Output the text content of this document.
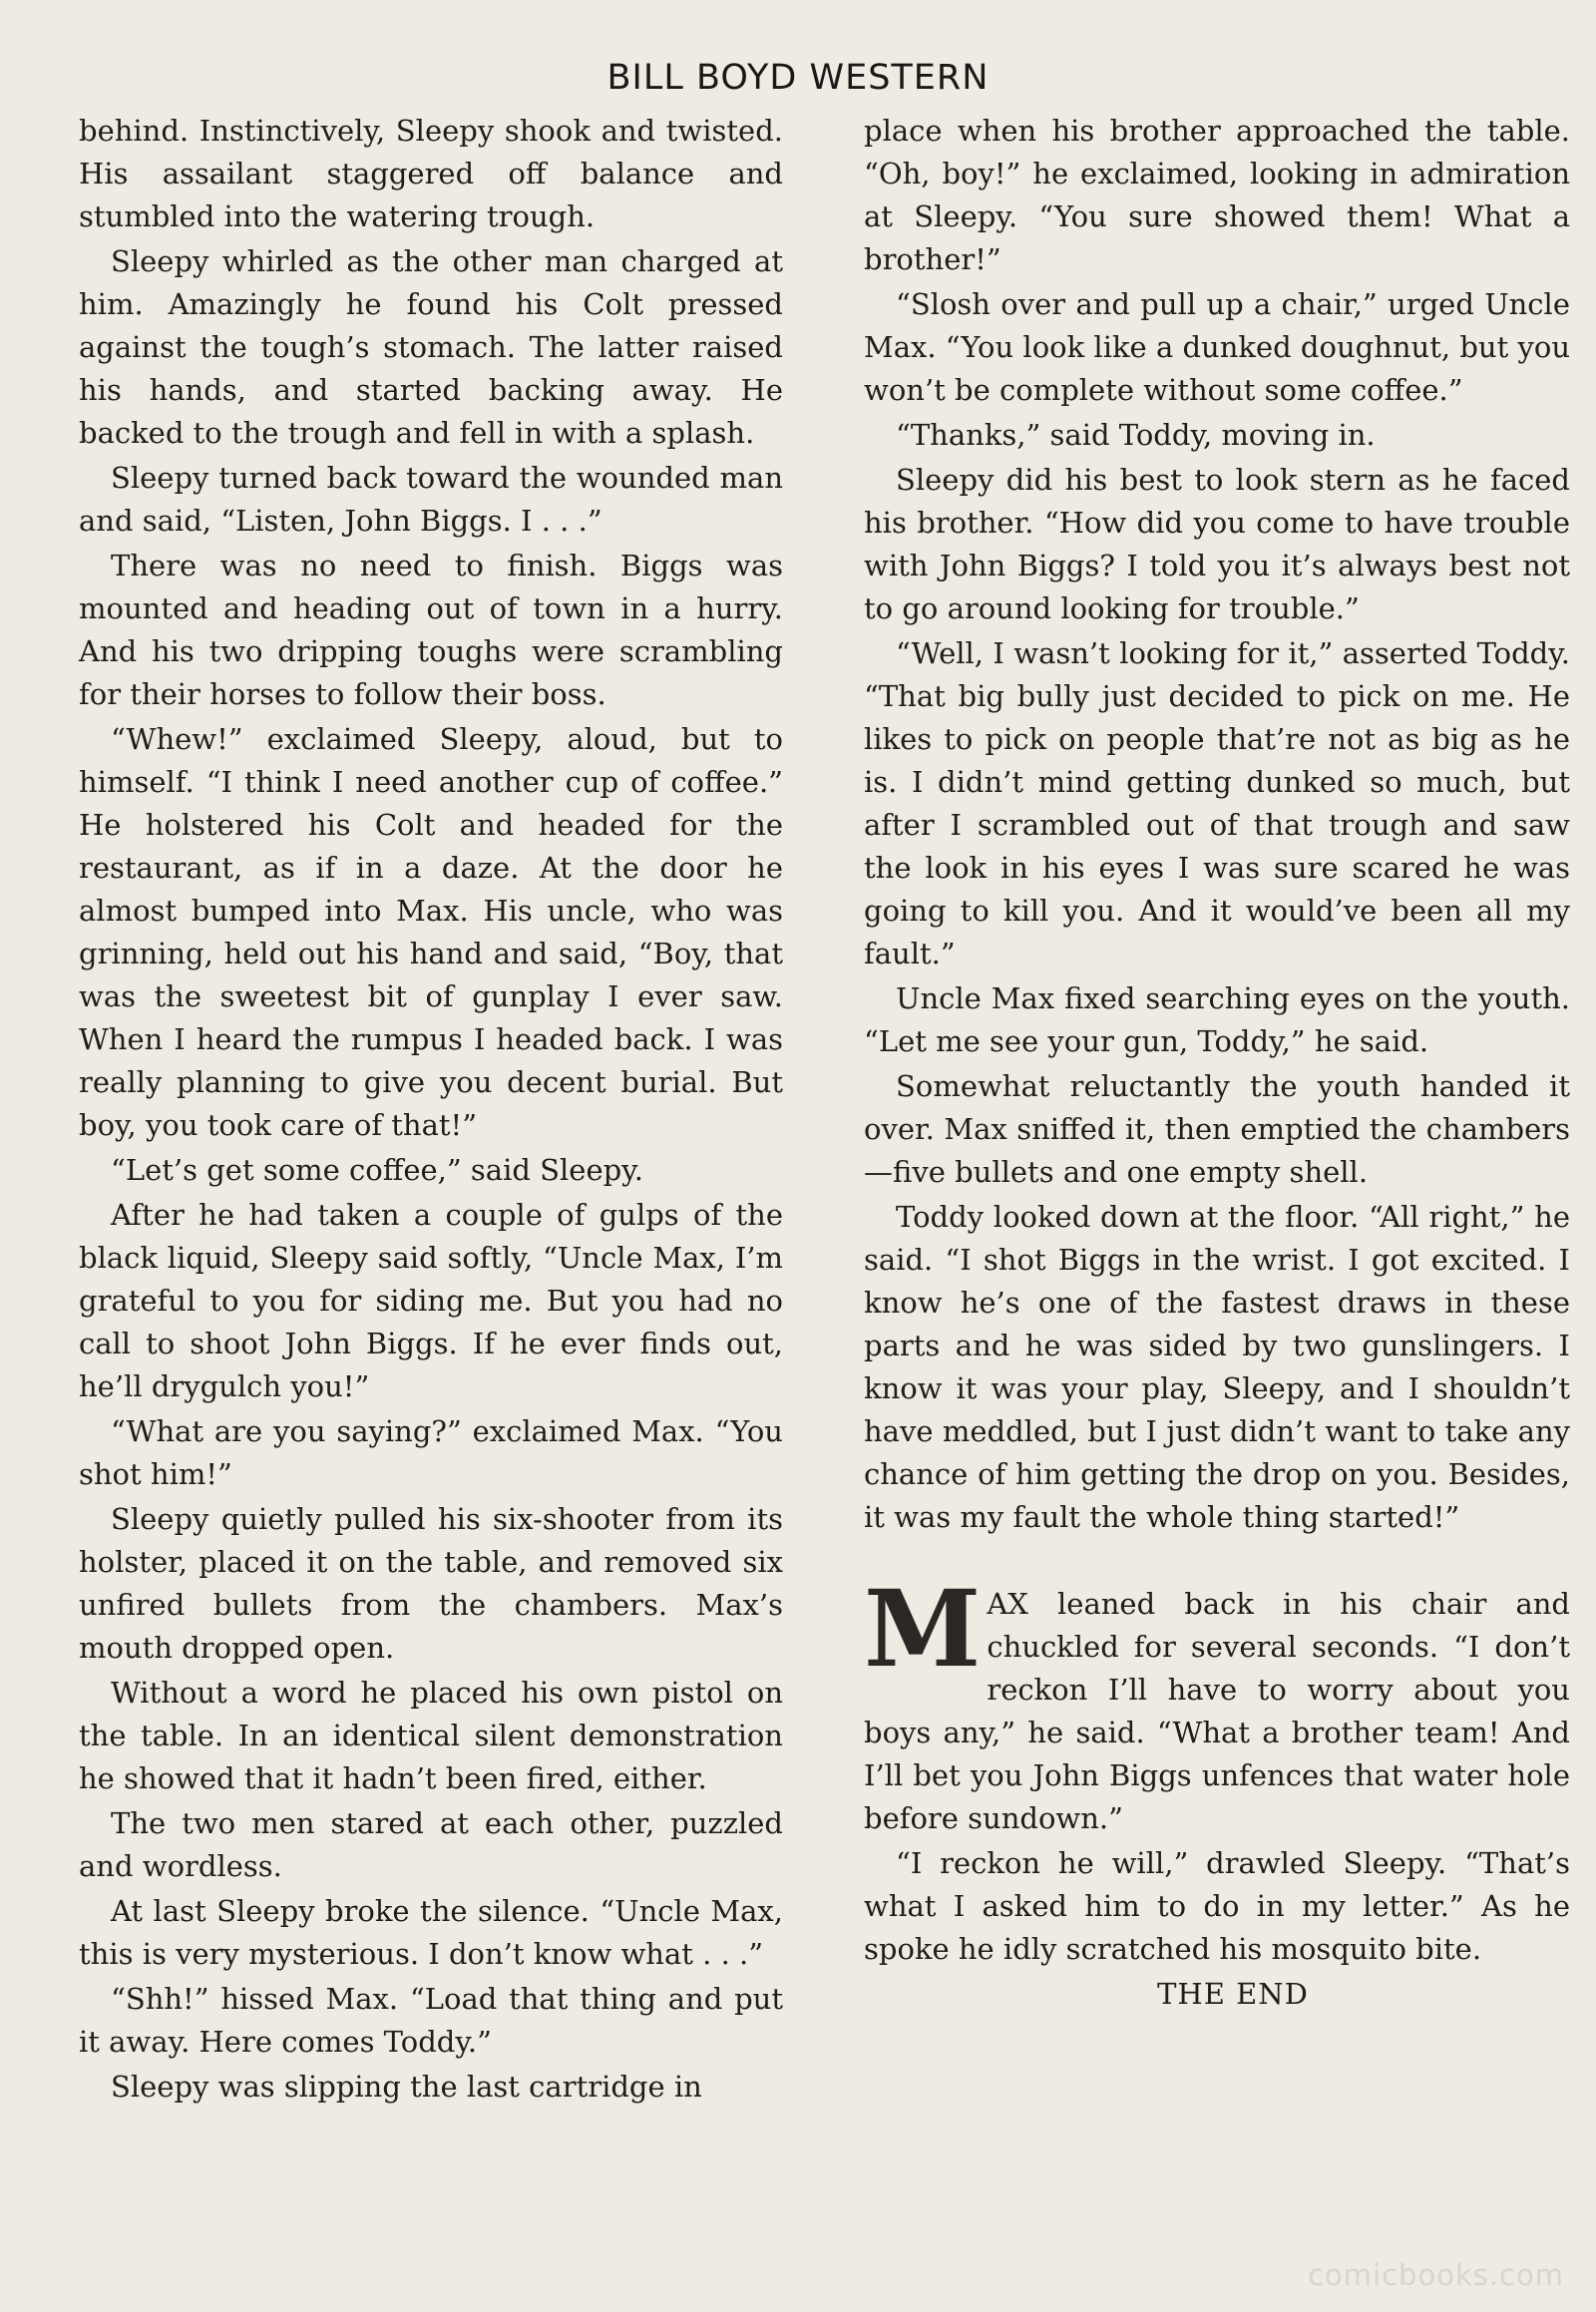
BILL BOYD WESTERN

behind. Instinctively, Sleepy shook and twisted. His assailant staggered off balance and stumbled into the watering trough.

Sleepy whirled as the other man charged at him. Amazingly he found his Colt pressed against the tough’s stomach. The latter raised his hands, and started backing away. He backed to the trough and fell in with a splash.

Sleepy turned back toward the wounded man and said, “Listen, John Biggs. I . . .”

There was no need to finish. Biggs was mounted and heading out of town in a hurry. And his two dripping toughs were scrambling for their horses to follow their boss.

“Whew!” exclaimed Sleepy, aloud, but to himself. “I think I need another cup of coffee.” He holstered his Colt and headed for the restaurant, as if in a daze. At the door he almost bumped into Max. His uncle, who was grinning, held out his hand and said, “Boy, that was the sweetest bit of gunplay I ever saw. When I heard the rumpus I headed back. I was really planning to give you decent burial. But boy, you took care of that!”

“Let’s get some coffee,” said Sleepy.

After he had taken a couple of gulps of the black liquid, Sleepy said softly, “Uncle Max, I’m grateful to you for siding me. But you had no call to shoot John Biggs. If he ever finds out, he’ll drygulch you!”

“What are you saying?” exclaimed Max. “You shot him!”

Sleepy quietly pulled his six-shooter from its holster, placed it on the table, and removed six unfired bullets from the chambers. Max’s mouth dropped open.

Without a word he placed his own pistol on the table. In an identical silent demonstration he showed that it hadn’t been fired, either.

The two men stared at each other, puzzled and wordless.

At last Sleepy broke the silence. “Uncle Max, this is very mysterious. I don’t know what . . .”

“Shh!” hissed Max. “Load that thing and put it away. Here comes Toddy.”

Sleepy was slipping the last cartridge in

place when his brother approached the table. “Oh, boy!” he exclaimed, looking in admiration at Sleepy. “You sure showed them! What a brother!”

“Slosh over and pull up a chair,” urged Uncle Max. “You look like a dunked doughnut, but you won’t be complete without some coffee.”

“Thanks,” said Toddy, moving in.

Sleepy did his best to look stern as he faced his brother. “How did you come to have trouble with John Biggs? I told you it’s always best not to go around looking for trouble.”

“Well, I wasn’t looking for it,” asserted Toddy. “That big bully just decided to pick on me. He likes to pick on people that’re not as big as he is. I didn’t mind getting dunked so much, but after I scrambled out of that trough and saw the look in his eyes I was sure scared he was going to kill you. And it would’ve been all my fault.”

Uncle Max fixed searching eyes on the youth. “Let me see your gun, Toddy,” he said.

Somewhat reluctantly the youth handed it over. Max sniffed it, then emptied the chambers—five bullets and one empty shell.

Toddy looked down at the floor. “All right,” he said. “I shot Biggs in the wrist. I got excited. I know he’s one of the fastest draws in these parts and he was sided by two gunslingers. I know it was your play, Sleepy, and I shouldn’t have meddled, but I just didn’t want to take any chance of him getting the drop on you. Besides, it was my fault the whole thing started!”

MAX leaned back in his chair and chuckled for several seconds. “I don’t reckon I’ll have to worry about you boys any,” he said. “What a brother team! And I’ll bet you John Biggs unfences that water hole before sundown.”

“I reckon he will,” drawled Sleepy. “That’s what I asked him to do in my letter.” As he spoke he idly scratched his mosquito bite.

THE END

comicbooks.com
